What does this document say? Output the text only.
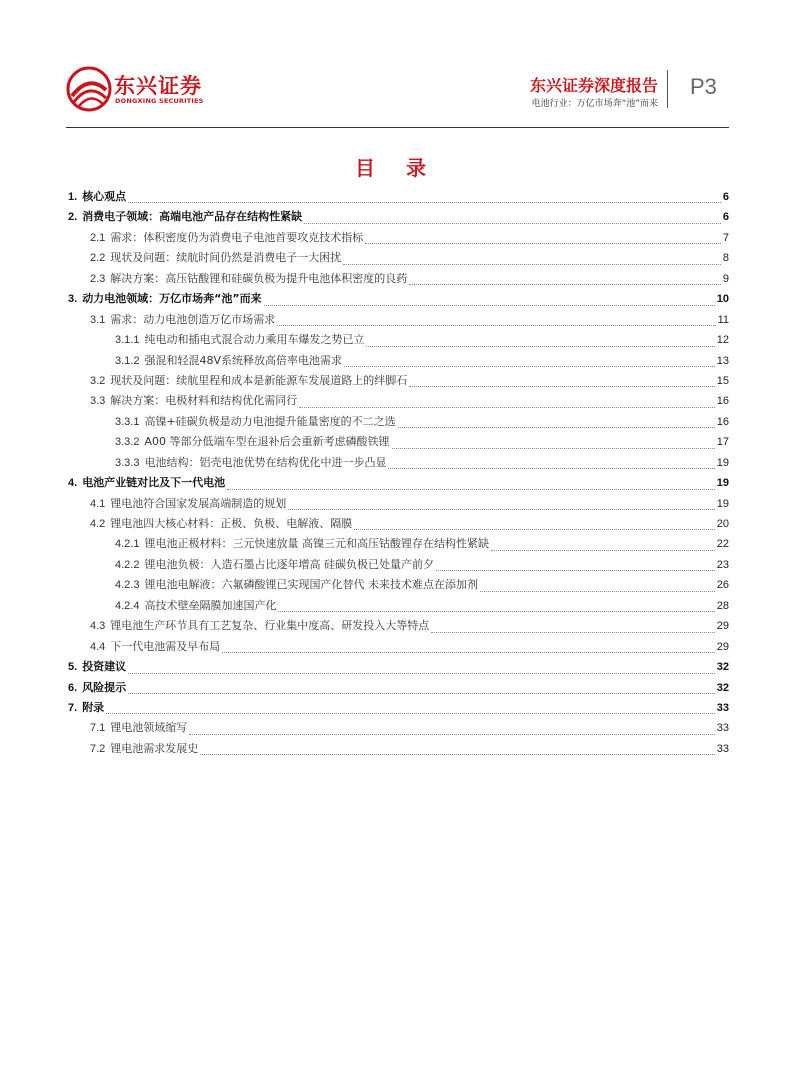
东兴证券
DONGXING SECURITIES
东兴证券深度报告
电池行业：万亿市场奔“池”而来
P3
目 录
1. 核心观点	6
2. 消费电子领域：高端电池产品存在结构性紧缺	6
2.1 需求：体积密度仍为消费电子电池首要攻克技术指标	7
2.2 现状及问题：续航时间仍然是消费电子一大困扰	8
2.3 解决方案：高压钴酸锂和硅碳负极为提升电池体积密度的良药	9
3. 动力电池领域：万亿市场奔“池”而来	10
3.1 需求：动力电池创造万亿市场需求	11
3.1.1 纯电动和插电式混合动力乘用车爆发之势已立	12
3.1.2 强混和轻混48V系统释放高倍率电池需求	13
3.2 现状及问题：续航里程和成本是新能源车发展道路上的绊脚石	15
3.3 解决方案：电极材料和结构优化需同行	16
3.3.1 高镍+硅碳负极是动力电池提升能量密度的不二之选	16
3.3.2 A00 等部分低端车型在退补后会重新考虑磷酸铁锂	17
3.3.3 电池结构：铝壳电池优势在结构优化中进一步凸显	19
4. 电池产业链对比及下一代电池	19
4.1 锂电池符合国家发展高端制造的规划	19
4.2 锂电池四大核心材料：正极、负极、电解液、隔膜	20
4.2.1 锂电池正极材料：三元快速放量 高镍三元和高压钴酸锂存在结构性紧缺	22
4.2.2 锂电池负极：人造石墨占比逐年增高 硅碳负极已处量产前夕	23
4.2.3 锂电池电解液：六氟磷酸锂已实现国产化替代 未来技术难点在添加剂	26
4.2.4 高技术壁垒隔膜加速国产化	28
4.3 锂电池生产环节具有工艺复杂、行业集中度高、研发投入大等特点	29
4.4 下一代电池需及早布局	29
5. 投资建议	32
6. 风险提示	32
7. 附录	33
7.1 锂电池领域缩写	33
7.2 锂电池需求发展史	33
